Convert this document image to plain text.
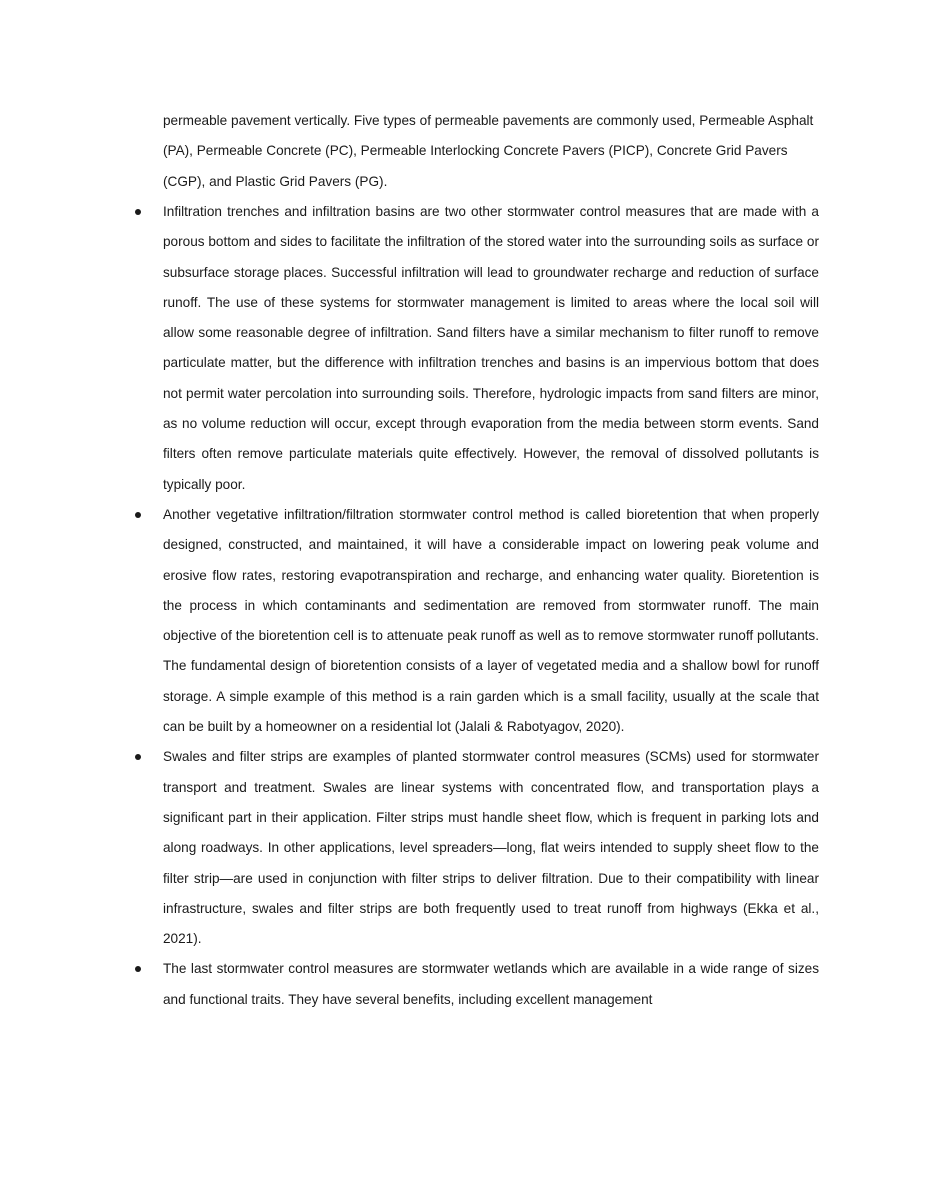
permeable pavement vertically. Five types of permeable pavements are commonly used, Permeable Asphalt (PA), Permeable Concrete (PC), Permeable Interlocking Concrete Pavers (PICP), Concrete Grid Pavers (CGP), and Plastic Grid Pavers (PG).

Infiltration trenches and infiltration basins are two other stormwater control measures that are made with a porous bottom and sides to facilitate the infiltration of the stored water into the surrounding soils as surface or subsurface storage places. Successful infiltration will lead to groundwater recharge and reduction of surface runoff. The use of these systems for stormwater management is limited to areas where the local soil will allow some reasonable degree of infiltration. Sand filters have a similar mechanism to filter runoff to remove particulate matter, but the difference with infiltration trenches and basins is an impervious bottom that does not permit water percolation into surrounding soils. Therefore, hydrologic impacts from sand filters are minor, as no volume reduction will occur, except through evaporation from the media between storm events. Sand filters often remove particulate materials quite effectively. However, the removal of dissolved pollutants is typically poor.
Another vegetative infiltration/filtration stormwater control method is called bioretention that when properly designed, constructed, and maintained, it will have a considerable impact on lowering peak volume and erosive flow rates, restoring evapotranspiration and recharge, and enhancing water quality. Bioretention is the process in which contaminants and sedimentation are removed from stormwater runoff. The main objective of the bioretention cell is to attenuate peak runoff as well as to remove stormwater runoff pollutants. The fundamental design of bioretention consists of a layer of vegetated media and a shallow bowl for runoff storage. A simple example of this method is a rain garden which is a small facility, usually at the scale that can be built by a homeowner on a residential lot (Jalali & Rabotyagov, 2020).
Swales and filter strips are examples of planted stormwater control measures (SCMs) used for stormwater transport and treatment. Swales are linear systems with concentrated flow, and transportation plays a significant part in their application. Filter strips must handle sheet flow, which is frequent in parking lots and along roadways. In other applications, level spreaders—long, flat weirs intended to supply sheet flow to the filter strip—are used in conjunction with filter strips to deliver filtration. Due to their compatibility with linear infrastructure, swales and filter strips are both frequently used to treat runoff from highways (Ekka et al., 2021).
The last stormwater control measures are stormwater wetlands which are available in a wide range of sizes and functional traits. They have several benefits, including excellent management
